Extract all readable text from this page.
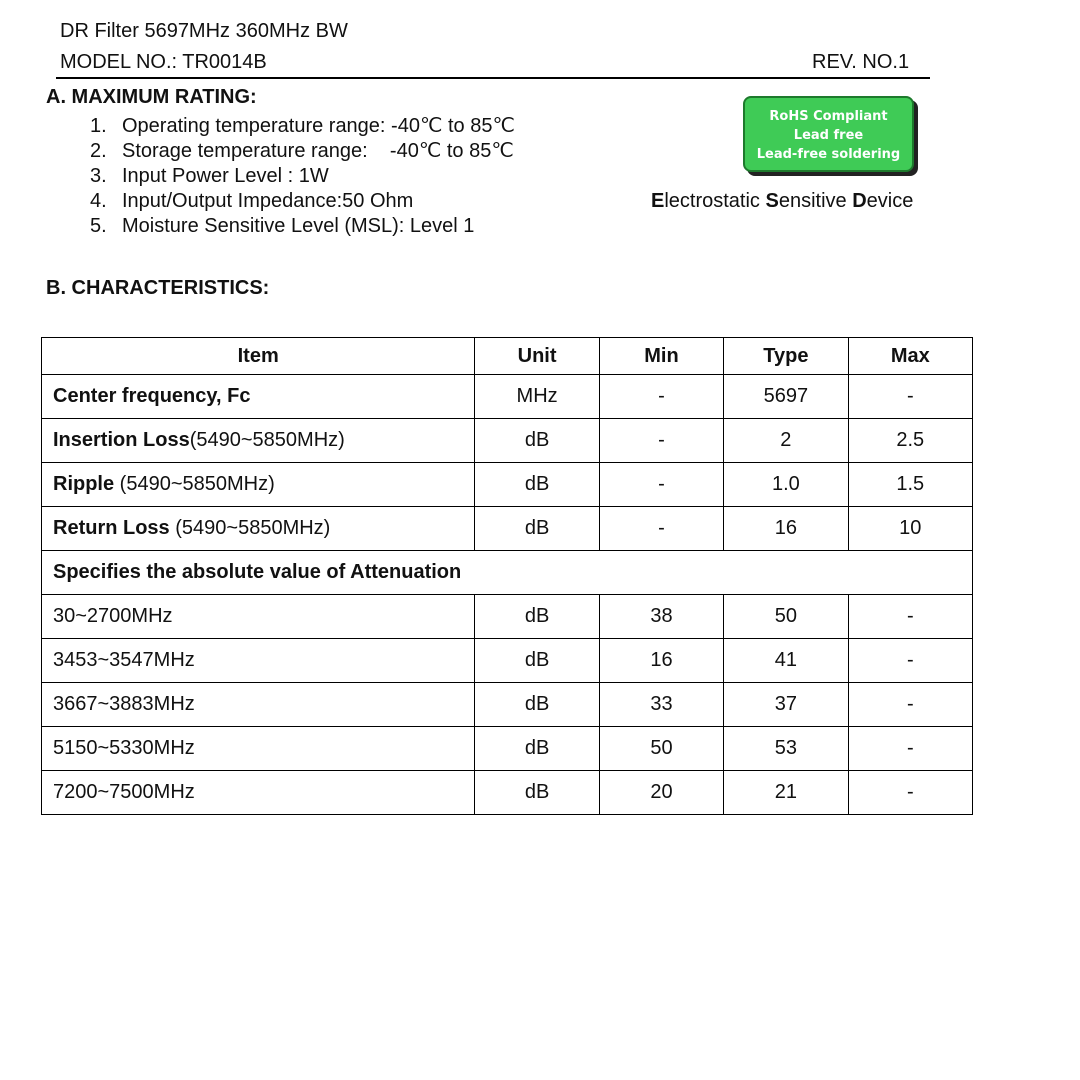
DR Filter 5697MHz 360MHz BW
MODEL NO.: TR0014B	REV. NO.1
A. MAXIMUM RATING:
1. Operating temperature range: -40℃ to 85℃
2. Storage temperature range:    -40℃ to 85℃
3. Input Power Level : 1W
4. Input/Output Impedance:50 Ohm
5. Moisture Sensitive Level (MSL): Level 1
RoHS Compliant
Lead free
Lead-free soldering
Electrostatic Sensitive Device
B. CHARACTERISTICS:
Item	Unit	Min	Type	Max
Center frequency, Fc	MHz	-	5697	-
Insertion Loss(5490~5850MHz)	dB	-	2	2.5
Ripple (5490~5850MHz)	dB	-	1.0	1.5
Return Loss (5490~5850MHz)	dB	-	16	10
Specifies the absolute value of Attenuation				
30~2700MHz	dB	38	50	-
3453~3547MHz	dB	16	41	-
3667~3883MHz	dB	33	37	-
5150~5330MHz	dB	50	53	-
7200~7500MHz	dB	20	21	-
